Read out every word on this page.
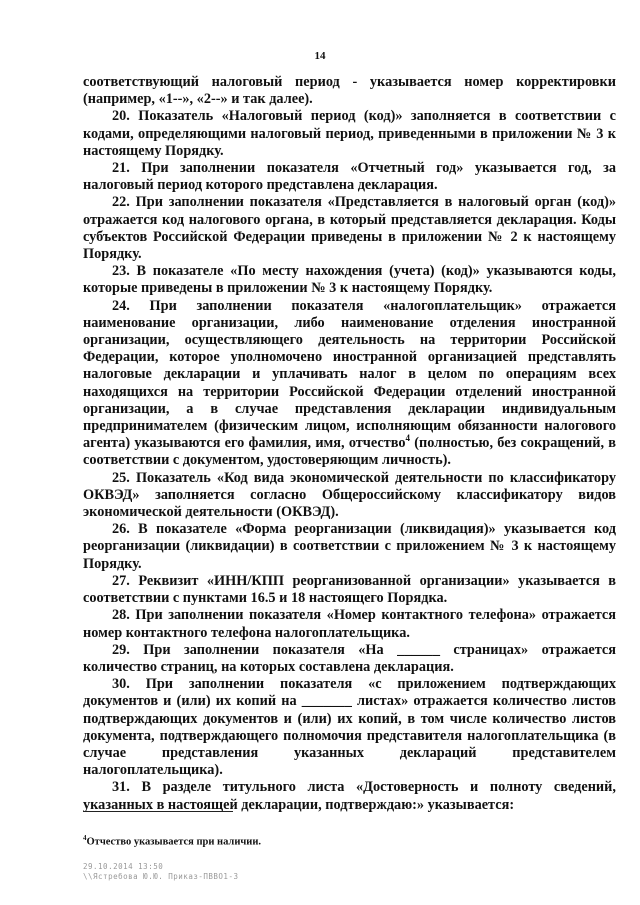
14

соответствующий налоговый период - указывается номер корректировки (например, «1--», «2--» и так далее).

20. Показатель «Налоговый период (код)» заполняется в соответствии с кодами, определяющими налоговый период, приведенными в приложении № 3 к настоящему Порядку.

21. При заполнении показателя «Отчетный год» указывается год, за налоговый период которого представлена декларация.

22. При заполнении показателя «Представляется в налоговый орган (код)» отражается код налогового органа, в который представляется декларация. Коды субъектов Российской Федерации приведены в приложении № 2 к настоящему Порядку.

23. В показателе «По месту нахождения (учета) (код)» указываются коды, которые приведены в приложении № 3 к настоящему Порядку.

24. При заполнении показателя «налогоплательщик» отражается наименование организации, либо наименование отделения иностранной организации, осуществляющего деятельность на территории Российской Федерации, которое уполномочено иностранной организацией представлять налоговые декларации и уплачивать налог в целом по операциям всех находящихся на территории Российской Федерации отделений иностранной организации, а в случае представления декларации индивидуальным предпринимателем (физическим лицом, исполняющим обязанности налогового агента) указываются его фамилия, имя, отчество$^4$ (полностью, без сокращений, в соответствии с документом, удостоверяющим личность).

25. Показатель «Код вида экономической деятельности по классификатору ОКВЭД» заполняется согласно Общероссийскому классификатору видов экономической деятельности (ОКВЭД).

26. В показателе «Форма реорганизации (ликвидация)» указывается код реорганизации (ликвидации) в соответствии с приложением № 3 к настоящему Порядку.

27. Реквизит «ИНН/КПП реорганизованной организации» указывается в соответствии с пунктами 16.5 и 18 настоящего Порядка.

28. При заполнении показателя «Номер контактного телефона» отражается номер контактного телефона налогоплательщика.

29. При заполнении показателя «На ______ страницах» отражается количество страниц, на которых составлена декларация.

30. При заполнении показателя «с приложением подтверждающих документов и (или) их копий на _______ листах» отражается количество листов подтверждающих документов и (или) их копий, в том числе количество листов документа, подтверждающего полномочия представителя налогоплательщика (в случае представления указанных деклараций представителем налогоплательщика).

31. В разделе титульного листа «Достоверность и полноту сведений, указанных в настоящей декларации, подтверждаю:» указывается:

$^4$Отчество указывается при наличии.
29.10.2014 13:50
\\Ястребова Ю.Ю. Приказ-ПВВО1-3
